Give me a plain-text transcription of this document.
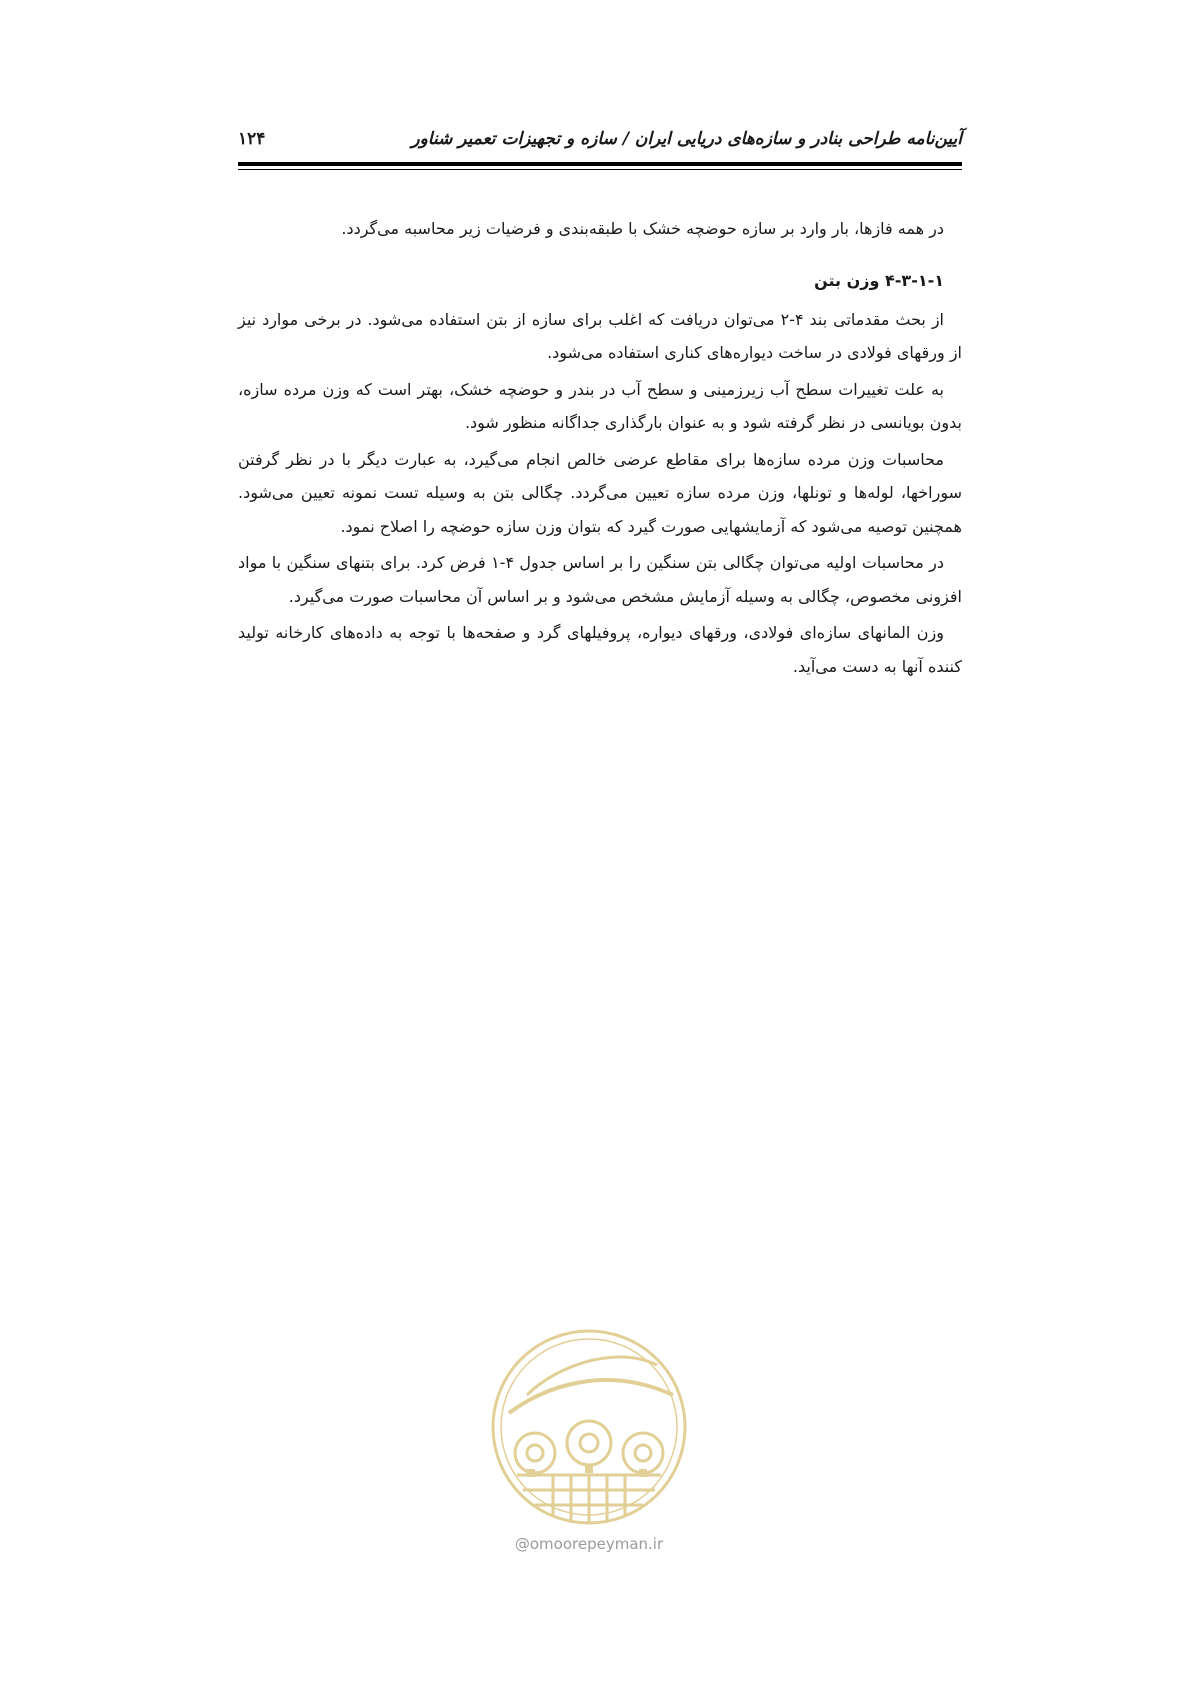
۱۲۴	آیین‌نامه طراحی بنادر و سازه‌های دریایی ایران / سازه و تجهیزات تعمیر شناور

در همه فازها، بار وارد بر سازه حوضچه خشک با طبقه‌بندی و فرضیات زیر محاسبه می‌گردد.

۴-۳-۱-۱ وزن بتن

از بحث مقدماتی بند ۴-۲ می‌توان دریافت که اغلب برای سازه از بتن استفاده می‌شود. در برخی موارد نیز از ورقهای فولادی در ساخت دیواره‌های کناری استفاده می‌شود.

به علت تغییرات سطح آب زیرزمینی و سطح آب در بندر و حوضچه خشک، بهتر است که وزن مرده سازه، بدون بویانسی در نظر گرفته شود و به عنوان بارگذاری جداگانه منظور شود.

محاسبات وزن مرده سازه‌ها برای مقاطع عرضی خالص انجام می‌گیرد، به عبارت دیگر با در نظر گرفتن سوراخها، لوله‌ها و تونلها، وزن مرده سازه تعیین می‌گردد. چگالی بتن به وسیله تست نمونه تعیین می‌شود. همچنین توصیه می‌شود که آزمایشهایی صورت گیرد که بتوان وزن سازه حوضچه را اصلاح نمود.

در محاسبات اولیه می‌توان چگالی بتن سنگین را بر اساس جدول ۴-۱ فرض کرد. برای بتنهای سنگین با مواد افزونی مخصوص، چگالی به وسیله آزمایش مشخص می‌شود و بر اساس آن محاسبات صورت می‌گیرد.

وزن المانهای سازه‌ای فولادی، ورقهای دیواره، پروفیلهای گرد و صفحه‌ها با توجه به داده‌های کارخانه تولید کننده آنها به دست می‌آید.

@omoorepeyman.ir
